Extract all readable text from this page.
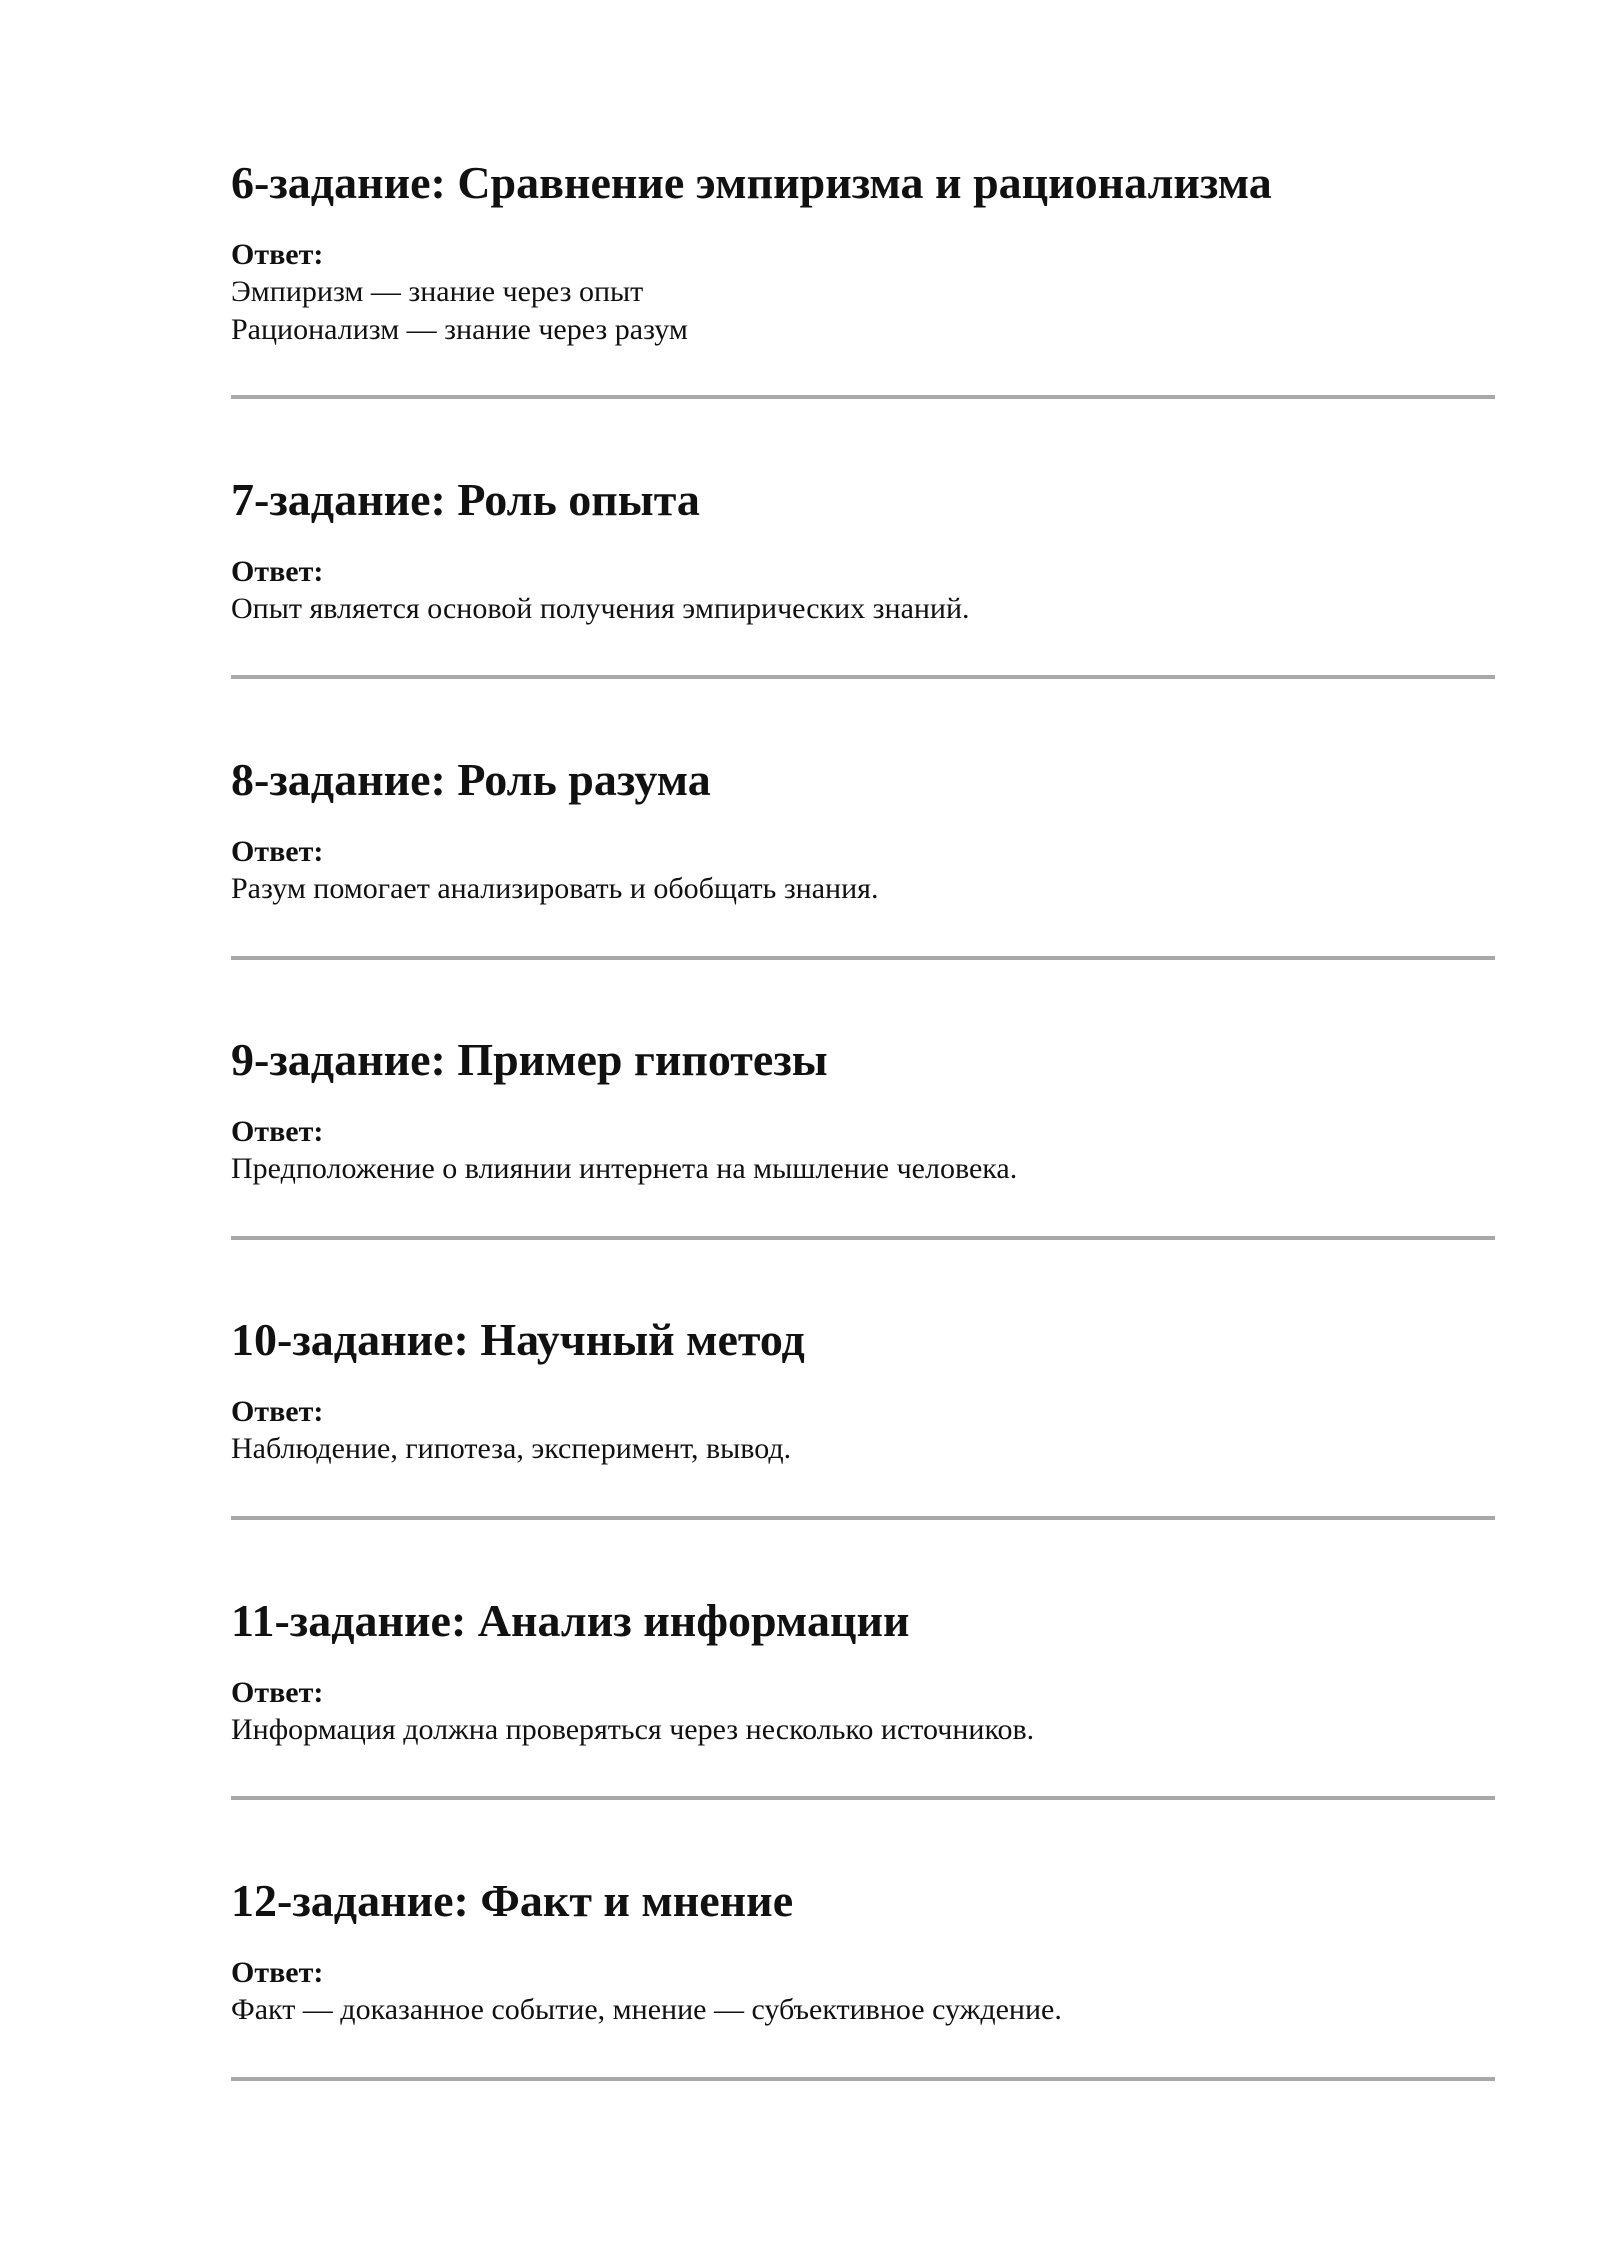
6-задание: Сравнение эмпиризма и рационализма

Ответ:

Эмпиризм — знание через опыт
Рационализм — знание через разум
7-задание: Роль опыта

Ответ:

Опыт является основой получения эмпирических знаний.
8-задание: Роль разума

Ответ:

Разум помогает анализировать и обобщать знания.
9-задание: Пример гипотезы

Ответ:

Предположение о влиянии интернета на мышление человека.
10-задание: Научный метод

Ответ:

Наблюдение, гипотеза, эксперимент, вывод.
11-задание: Анализ информации

Ответ:

Информация должна проверяться через несколько источников.
12-задание: Факт и мнение

Ответ:

Факт — доказанное событие, мнение — субъективное суждение.
